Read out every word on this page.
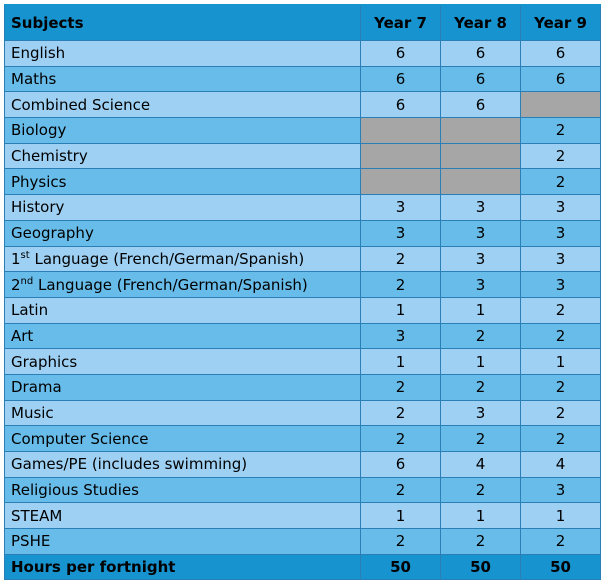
Subjects	Year 7	Year 8	Year 9
English	6	6	6
Maths	6	6	6
Combined Science	6	6	
Biology			2
Chemistry			2
Physics			2
History	3	3	3
Geography	3	3	3
1st Language (French/German/Spanish)	2	3	3
2nd Language (French/German/Spanish)	2	3	3
Latin	1	1	2
Art	3	2	2
Graphics	1	1	1
Drama	2	2	2
Music	2	3	2
Computer Science	2	2	2
Games/PE (includes swimming)	6	4	4
Religious Studies	2	2	3
STEAM	1	1	1
PSHE	2	2	2
Hours per fortnight	50	50	50
